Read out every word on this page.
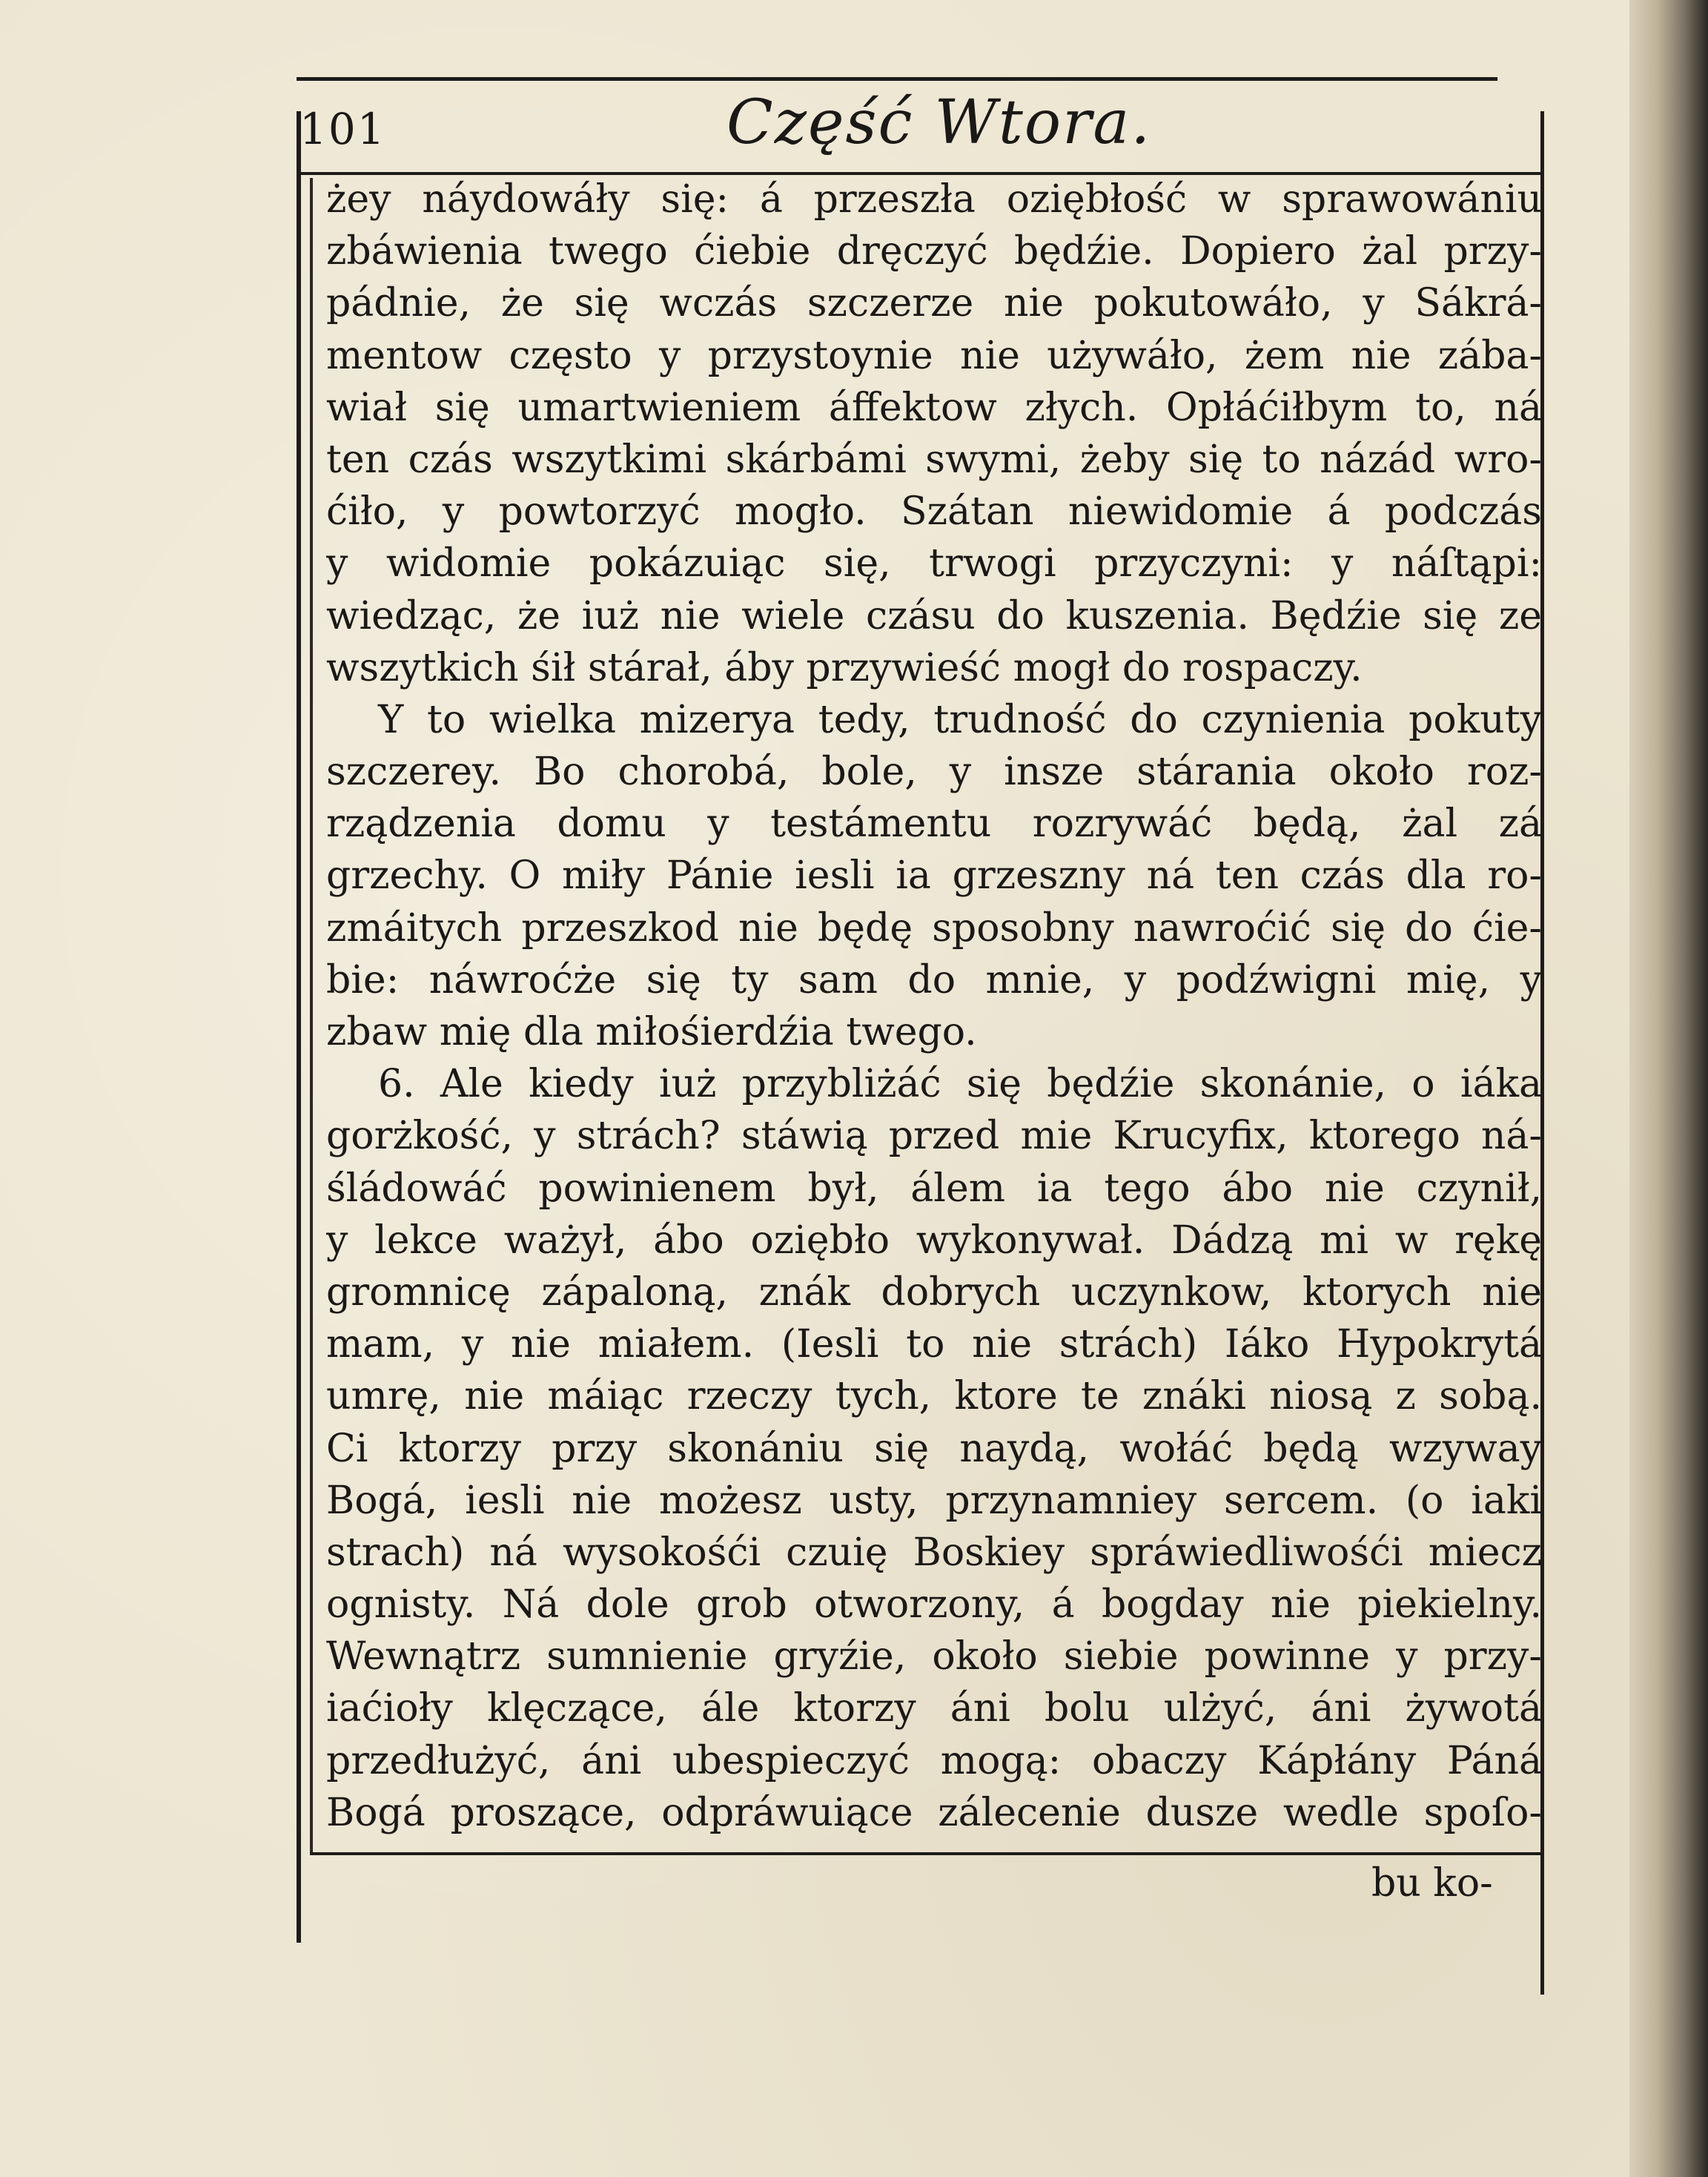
101	Część Wtora.
żey náydowáły się: á przeszła oziębłość w sprawowániu
zbáwienia twego ćiebie dręczyć będźie. Dopiero żal przy-
pádnie, że się wczás szczerze nie pokutowáło, y Sákrá-
mentow często y przystoynie nie używáło, żem nie zába-
wiał się umartwieniem áffektow złych. Opłáćiłbym to, ná
ten czás wszytkimi skárbámi swymi, żeby się to názád wro-
ćiło, y powtorzyć mogło. Szátan niewidomie á podczás
y widomie pokázuiąc się, trwogi przyczyni: y náſtąpi:
wiedząc, że iuż nie wiele czásu do kuszenia. Będźie się ze
wszytkich śił stárał, áby przywieść mogł do rospaczy.
Y to wielka mizerya tedy, trudność do czynienia pokuty
szczerey. Bo chorobá, bole, y insze stárania około roz-
rządzenia domu y testámentu rozrywáć będą, żal zá
grzechy. O miły Pánie iesli ia grzeszny ná ten czás dla ro-
zmáitych przeszkod nie będę sposobny nawroćić się do ćie-
bie: náwroćże się ty sam do mnie, y podźwigni mię, y
zbaw mię dla miłośierdźia twego.
6. Ale kiedy iuż przybliżáć się będźie skonánie, o iáka
gorżkość, y strách? stáwią przed mie Krucyfix, ktorego ná-
śládowáć powinienem był, álem ia tego ábo nie czynił,
y lekce ważył, ábo oziębło wykonywał. Dádzą mi w rękę
gromnicę zápaloną, znák dobrych uczynkow, ktorych nie
mam, y nie miałem. (Iesli to nie strách) Iáko Hypokrytá
umrę, nie máiąc rzeczy tych, ktore te znáki niosą z sobą.
Ci ktorzy przy skonániu się naydą, wołáć będą wzyway
Bogá, iesli nie możesz usty, przynamniey sercem. (o iaki
strach) ná wysokośći czuię Boskiey spráwiedliwośći miecz
ognisty. Ná dole grob otworzony, á bogday nie piekielny.
Wewnątrz sumnienie gryźie, około siebie powinne y przy-
iaćioły klęczące, ále ktorzy áni bolu ulżyć, áni żywotá
przedłużyć, áni ubespieczyć mogą: obaczy Kápłány Páná
Bogá proszące, odpráwuiące zálecenie dusze wedle spoſo-
bu ko-
